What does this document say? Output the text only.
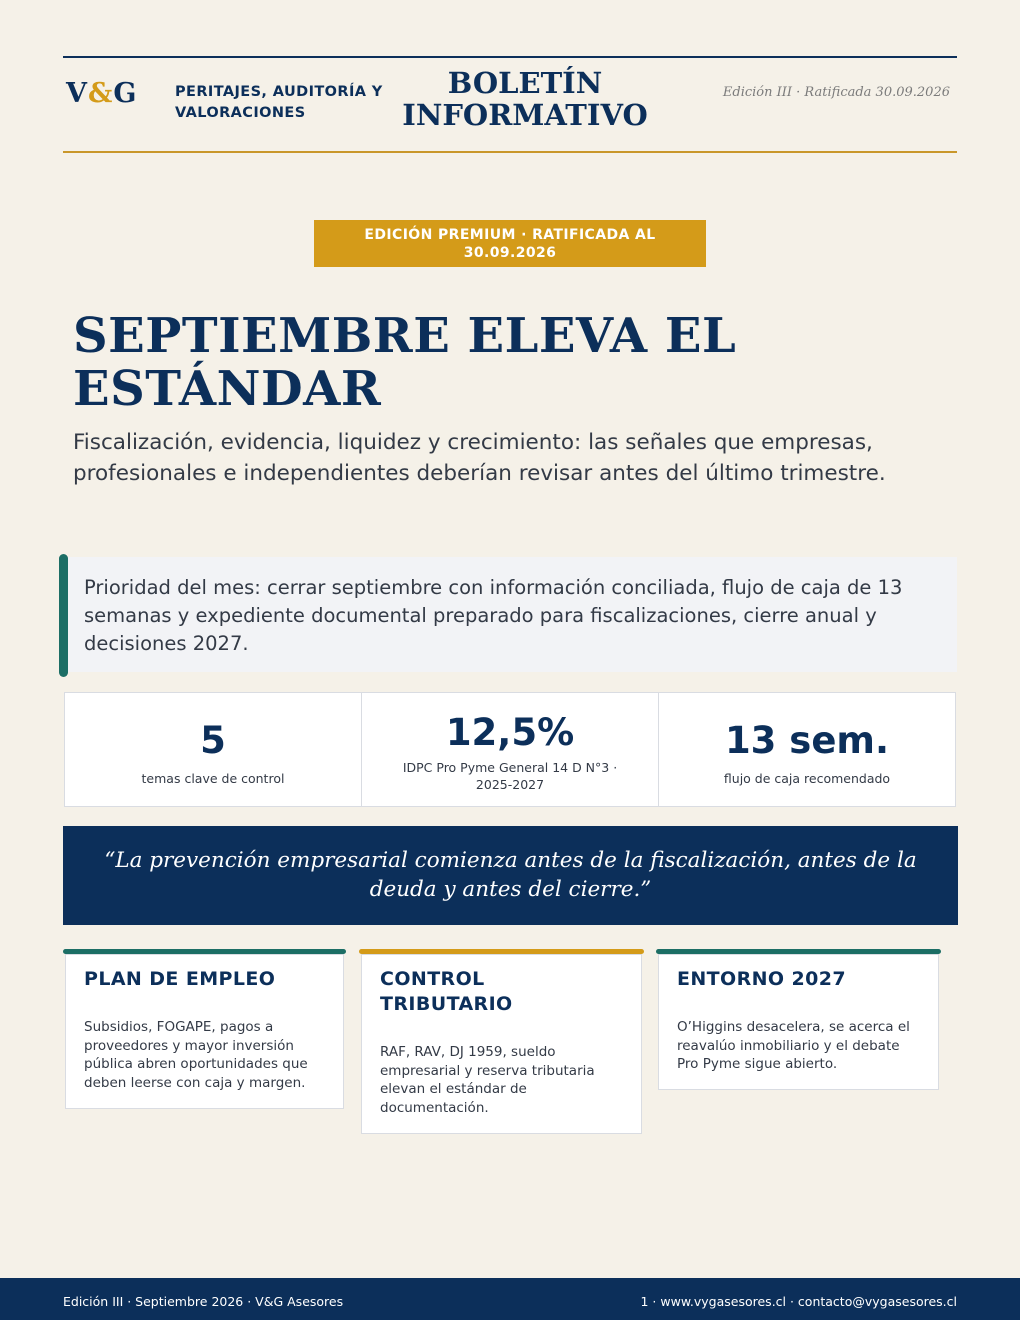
V&G	PERITAJES, AUDITORÍA Y VALORACIONES
BOLETÍN INFORMATIVO
Edición III · Ratificada 30.09.2026
EDICIÓN PREMIUM · RATIFICADA AL 30.09.2026
SEPTIEMBRE ELEVA EL ESTÁNDAR
Fiscalización, evidencia, liquidez y crecimiento: las señales que empresas, profesionales e independientes deberían revisar antes del último trimestre.
Prioridad del mes: cerrar septiembre con información conciliada, flujo de caja de 13 semanas y expediente documental preparado para fiscalizaciones, cierre anual y decisiones 2027.
5
temas clave de control
12,5%
IDPC Pro Pyme General 14 D N°3 · 2025-2027
13 sem.
flujo de caja recomendado
“La prevención empresarial comienza antes de la fiscalización, antes de la deuda y antes del cierre.”
PLAN DE EMPLEO
Subsidios, FOGAPE, pagos a proveedores y mayor inversión pública abren oportunidades que deben leerse con caja y margen.
CONTROL TRIBUTARIO
RAF, RAV, DJ 1959, sueldo empresarial y reserva tributaria elevan el estándar de documentación.
ENTORNO 2027
O’Higgins desacelera, se acerca el reavalúo inmobiliario y el debate Pro Pyme sigue abierto.
Edición III · Septiembre 2026 · V&G Asesores	1 · www.vygasesores.cl · contacto@vygasesores.cl
